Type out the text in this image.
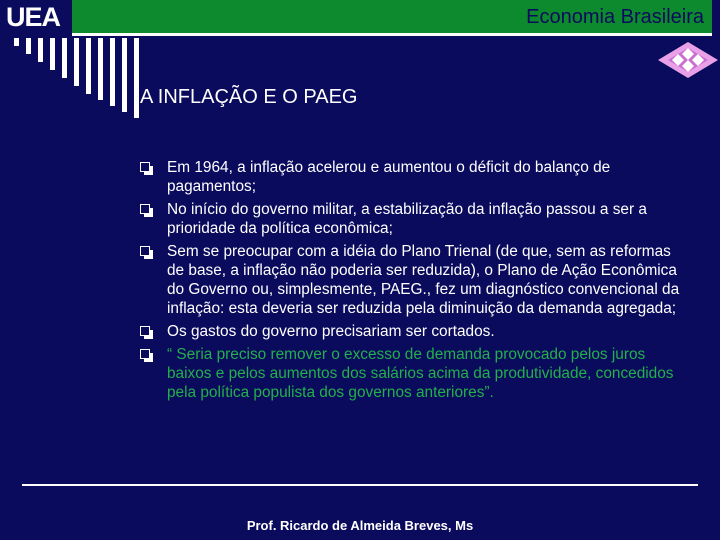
UEA	Economia Brasileira
A INFLAÇÃO E O PAEG
Em 1964, a inflação acelerou e aumentou o déficit do balanço de pagamentos;
No início do governo militar, a estabilização da inflação passou a ser a prioridade da política econômica;
Sem se preocupar com a idéia do Plano Trienal (de que, sem as reformas de base, a inflação não poderia ser reduzida), o Plano de Ação Econômica do Governo ou, simplesmente, PAEG., fez um diagnóstico convencional da inflação: esta deveria ser reduzida pela diminuição da demanda agregada;
Os gastos do governo precisariam ser cortados.
“ Seria preciso remover o excesso de demanda provocado pelos juros baixos e pelos aumentos dos salários acima da produtividade, concedidos pela política populista dos governos anteriores”.
Prof. Ricardo de Almeida Breves, Ms
